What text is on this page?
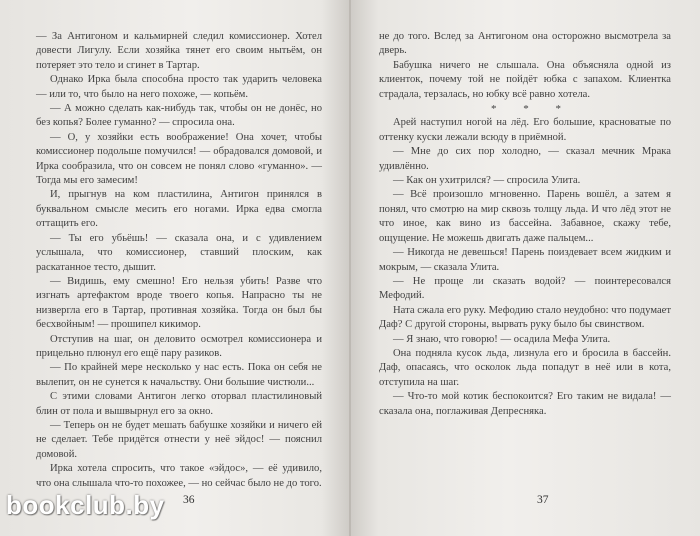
— За Антигоном и кальмирней следил комиссионер. Хотел довести Лигулу. Если хозяйка тянет его своим нытьём, он потеряет это тело и сгинет в Тартар.

Однако Ирка была способна просто так ударить человека — или то, что было на него похоже, — копьём.

— А можно сделать как-нибудь так, чтобы он не донёс, но без копья? Более гуманно? — спросила она.

— О, у хозяйки есть воображение! Она хочет, чтобы комиссионер подольше помучился! — обрадовался домовой, и Ирка сообразила, что он совсем не понял слово «гуманно». — Тогда мы его замесим!

И, прыгнув на ком пластилина, Антигон принялся в буквальном смысле месить его ногами. Ирка едва смогла оттащить его.

— Ты его убьёшь! — сказала она, и с удивлением услышала, что комиссионер, ставший плоским, как раскатанное тесто, дышит.

— Видишь, ему смешно! Его нельзя убить! Разве что изгнать артефактом вроде твоего копья. Напрасно ты не низвергла его в Тартар, противная хозяйка. Тогда он был бы бесхвойным! — прошипел кикимор.

Отступив на шаг, он деловито осмотрел комиссионера и прицельно плюнул его ещё пару разиков.

— По крайней мере несколько у нас есть. Пока он себя не вылепит, он не сунется к начальству. Они большие чистюли...

С этими словами Антигон легко оторвал пластилиновый блин от пола и вышвырнул его за окно.

— Теперь он не будет мешать бабушке хозяйки и ничего ей не сделает. Тебе придётся отнести у неё эйдос! — пояснил домовой.

Ирка хотела спросить, что такое «эйдос», — её удивило, что она слышала что-то похожее, — но сейчас было не до того.

36

не до того. Вслед за Антигоном она осторожно высмотрела за дверь.

Бабушка ничего не слышала. Она объясняла одной из клиенток, почему той не пойдёт юбка с запахом. Клиентка страдала, терзалась, но юбку всё равно хотела.

* * *

Арей наступил ногой на лёд. Его большие, красноватые по оттенку куски лежали всюду в приёмной.

— Мне до сих пор холодно, — сказал мечник Мрака удивлённо.

— Как он ухитрился? — спросила Улита.

— Всё произошло мгновенно. Парень вошёл, а затем я понял, что смотрю на мир сквозь толщу льда. И что лёд этот не что иное, как вино из бассейна. Забавное, скажу тебе, ощущение. Не можешь двигать даже пальцем...

— Никогда не девешься! Парень поиздевает всем жидким и мокрым, — сказала Улита.

— Не проще ли сказать водой? — поинтересовался Мефодий.

Ната сжала его руку. Мефодию стало неудобно: что подумает Даф? С другой стороны, вырвать руку было бы свинством.

— Я знаю, что говорю! — осадила Мефа Улита.

Она подняла кусок льда, лизнула его и бросила в бассейн. Даф, опасаясь, что осколок льда попадут в неё или в кота, отступила на шаг.

— Что-то мой котик беспокоится? Его таким не видала! — сказала она, поглаживая Депресняка.

37
bookclub.by
